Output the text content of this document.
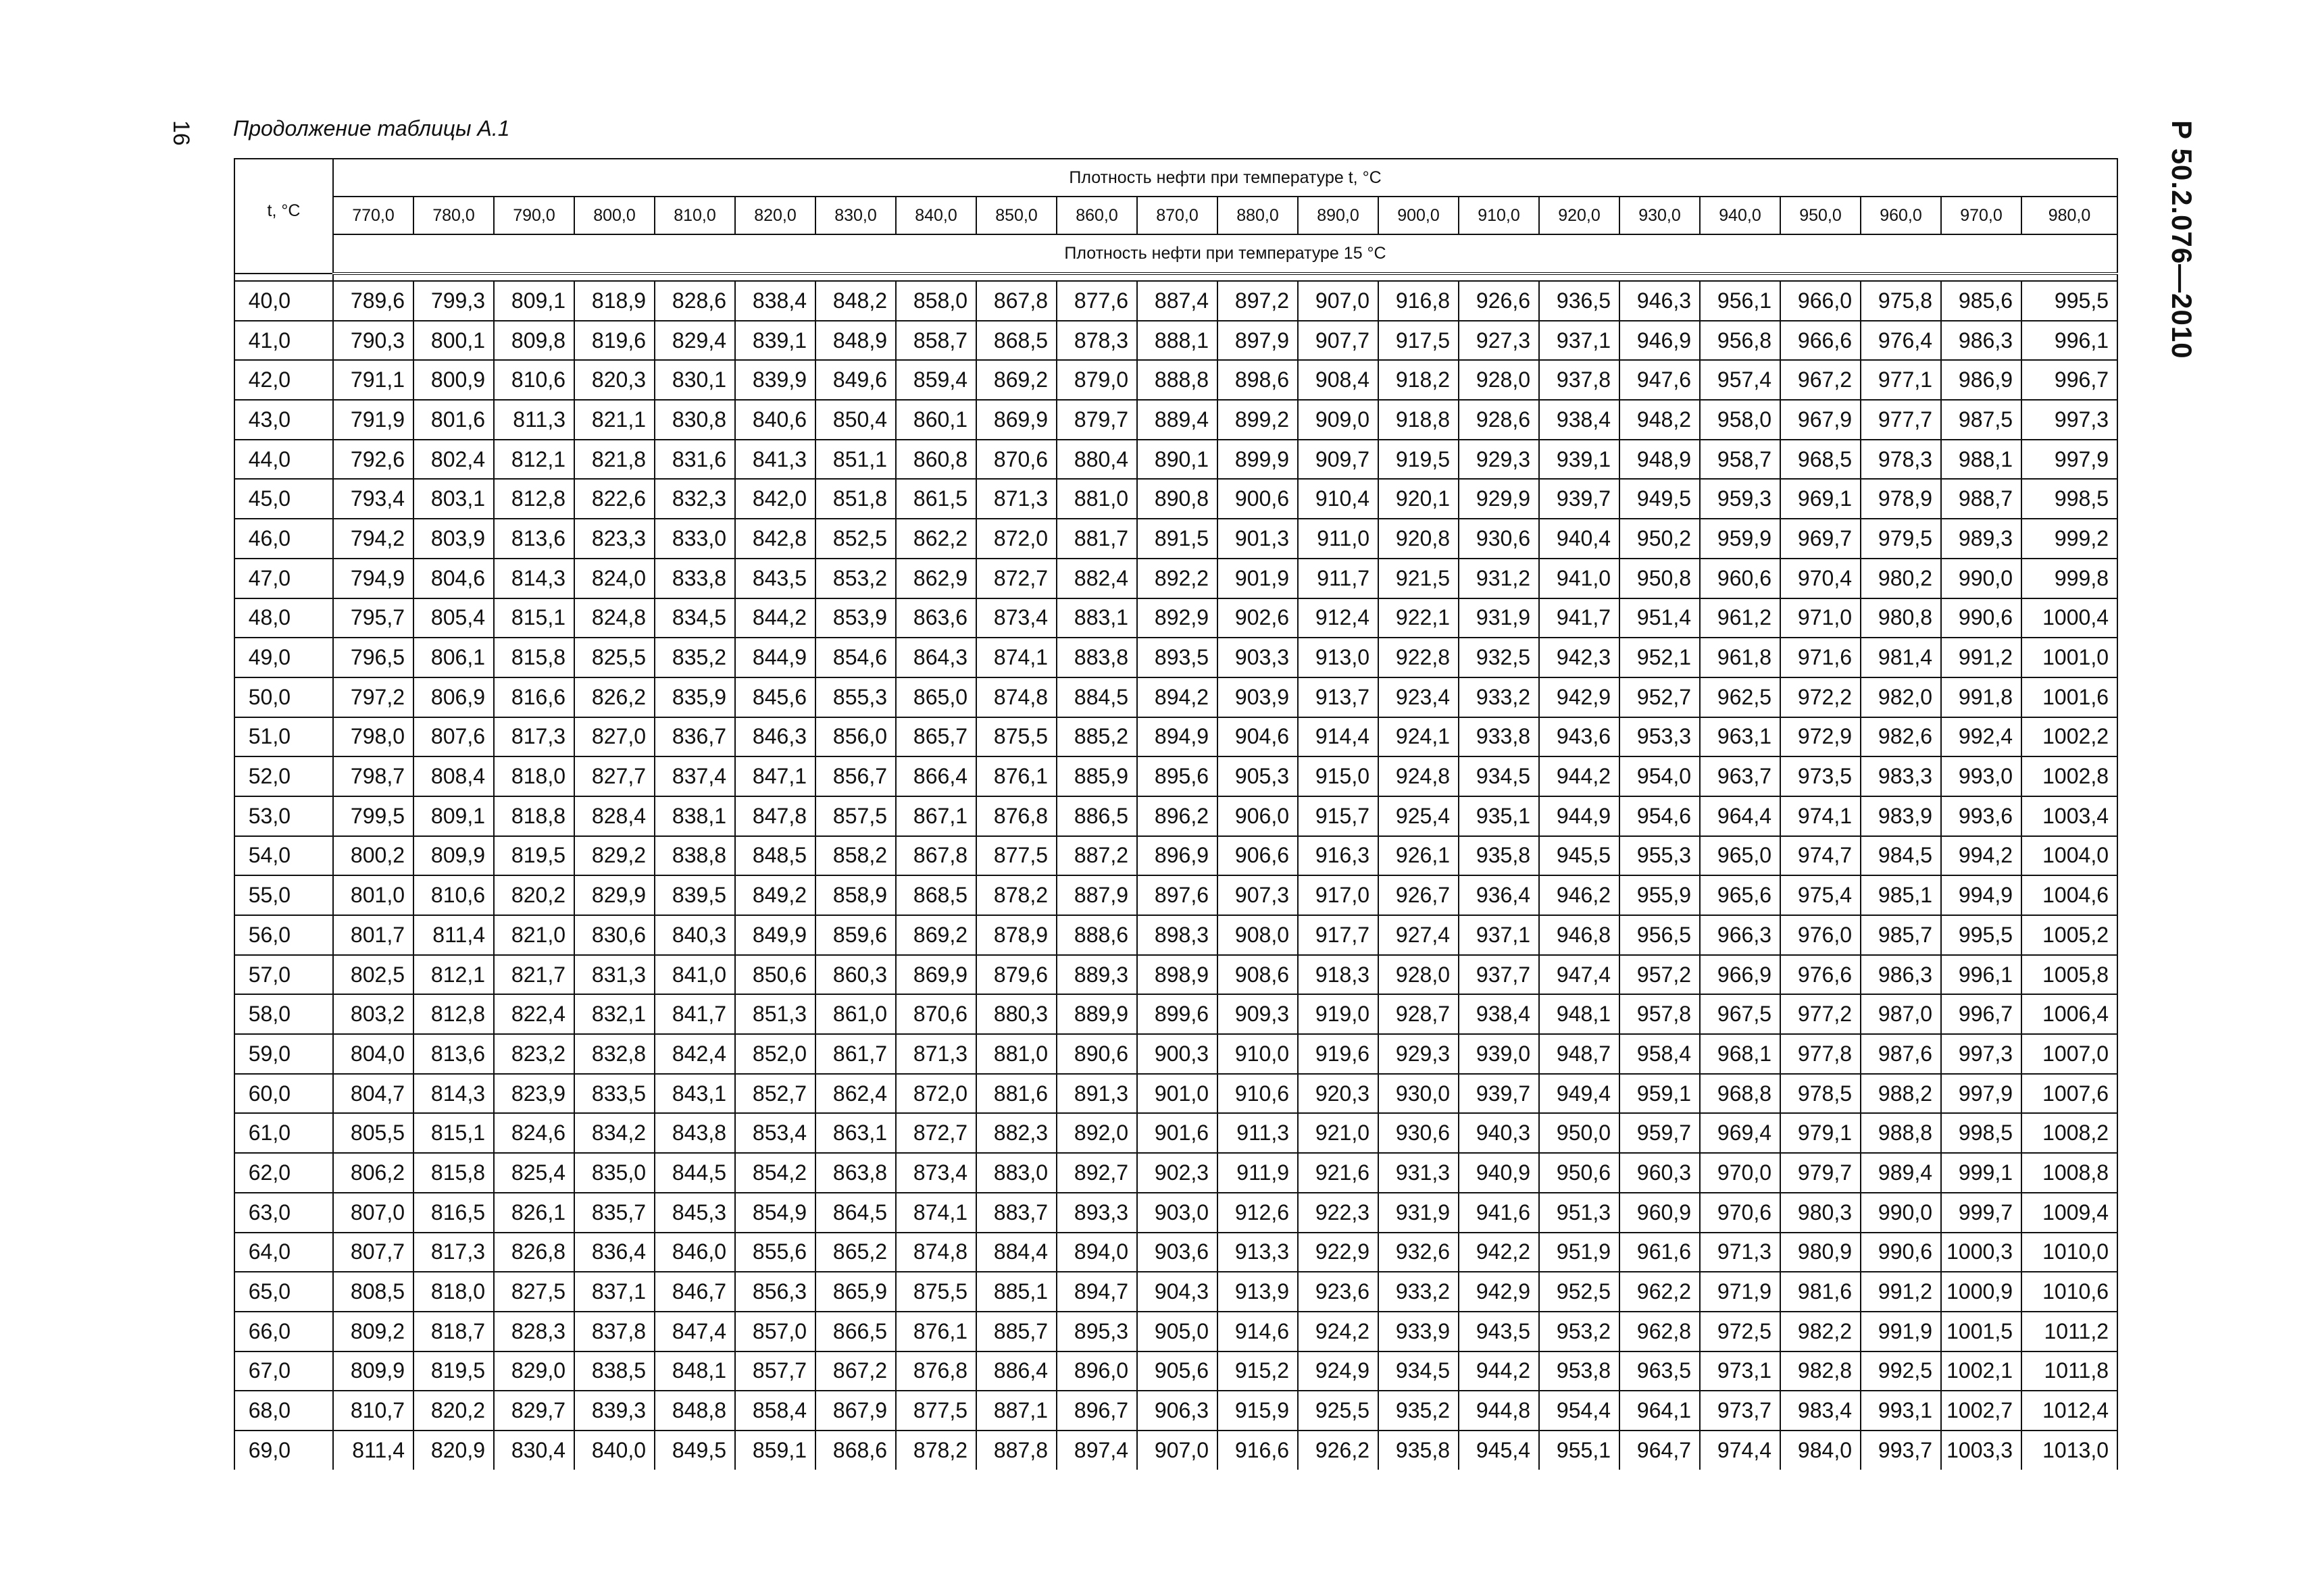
16 Продолжение таблицы А.1	Р 50.2.076—2010
t, °C	Плотность нефти при температуре t, °C																					
	770,0	780,0	790,0	800,0	810,0	820,0	830,0	840,0	850,0	860,0	870,0	880,0	890,0	900,0	910,0	920,0	930,0	940,0	950,0	960,0	970,0	980,0
	Плотность нефти при температуре 15 °C																					

40,0	789,6	799,3	809,1	818,9	828,6	838,4	848,2	858,0	867,8	877,6	887,4	897,2	907,0	916,8	926,6	936,5	946,3	956,1	966,0	975,8	985,6	995,5
41,0	790,3	800,1	809,8	819,6	829,4	839,1	848,9	858,7	868,5	878,3	888,1	897,9	907,7	917,5	927,3	937,1	946,9	956,8	966,6	976,4	986,3	996,1
42,0	791,1	800,9	810,6	820,3	830,1	839,9	849,6	859,4	869,2	879,0	888,8	898,6	908,4	918,2	928,0	937,8	947,6	957,4	967,2	977,1	986,9	996,7
43,0	791,9	801,6	811,3	821,1	830,8	840,6	850,4	860,1	869,9	879,7	889,4	899,2	909,0	918,8	928,6	938,4	948,2	958,0	967,9	977,7	987,5	997,3
44,0	792,6	802,4	812,1	821,8	831,6	841,3	851,1	860,8	870,6	880,4	890,1	899,9	909,7	919,5	929,3	939,1	948,9	958,7	968,5	978,3	988,1	997,9
45,0	793,4	803,1	812,8	822,6	832,3	842,0	851,8	861,5	871,3	881,0	890,8	900,6	910,4	920,1	929,9	939,7	949,5	959,3	969,1	978,9	988,7	998,5
46,0	794,2	803,9	813,6	823,3	833,0	842,8	852,5	862,2	872,0	881,7	891,5	901,3	911,0	920,8	930,6	940,4	950,2	959,9	969,7	979,5	989,3	999,2
47,0	794,9	804,6	814,3	824,0	833,8	843,5	853,2	862,9	872,7	882,4	892,2	901,9	911,7	921,5	931,2	941,0	950,8	960,6	970,4	980,2	990,0	999,8
48,0	795,7	805,4	815,1	824,8	834,5	844,2	853,9	863,6	873,4	883,1	892,9	902,6	912,4	922,1	931,9	941,7	951,4	961,2	971,0	980,8	990,6	1000,4
49,0	796,5	806,1	815,8	825,5	835,2	844,9	854,6	864,3	874,1	883,8	893,5	903,3	913,0	922,8	932,5	942,3	952,1	961,8	971,6	981,4	991,2	1001,0
50,0	797,2	806,9	816,6	826,2	835,9	845,6	855,3	865,0	874,8	884,5	894,2	903,9	913,7	923,4	933,2	942,9	952,7	962,5	972,2	982,0	991,8	1001,6
51,0	798,0	807,6	817,3	827,0	836,7	846,3	856,0	865,7	875,5	885,2	894,9	904,6	914,4	924,1	933,8	943,6	953,3	963,1	972,9	982,6	992,4	1002,2
52,0	798,7	808,4	818,0	827,7	837,4	847,1	856,7	866,4	876,1	885,9	895,6	905,3	915,0	924,8	934,5	944,2	954,0	963,7	973,5	983,3	993,0	1002,8
53,0	799,5	809,1	818,8	828,4	838,1	847,8	857,5	867,1	876,8	886,5	896,2	906,0	915,7	925,4	935,1	944,9	954,6	964,4	974,1	983,9	993,6	1003,4
54,0	800,2	809,9	819,5	829,2	838,8	848,5	858,2	867,8	877,5	887,2	896,9	906,6	916,3	926,1	935,8	945,5	955,3	965,0	974,7	984,5	994,2	1004,0
55,0	801,0	810,6	820,2	829,9	839,5	849,2	858,9	868,5	878,2	887,9	897,6	907,3	917,0	926,7	936,4	946,2	955,9	965,6	975,4	985,1	994,9	1004,6
56,0	801,7	811,4	821,0	830,6	840,3	849,9	859,6	869,2	878,9	888,6	898,3	908,0	917,7	927,4	937,1	946,8	956,5	966,3	976,0	985,7	995,5	1005,2
57,0	802,5	812,1	821,7	831,3	841,0	850,6	860,3	869,9	879,6	889,3	898,9	908,6	918,3	928,0	937,7	947,4	957,2	966,9	976,6	986,3	996,1	1005,8
58,0	803,2	812,8	822,4	832,1	841,7	851,3	861,0	870,6	880,3	889,9	899,6	909,3	919,0	928,7	938,4	948,1	957,8	967,5	977,2	987,0	996,7	1006,4
59,0	804,0	813,6	823,2	832,8	842,4	852,0	861,7	871,3	881,0	890,6	900,3	910,0	919,6	929,3	939,0	948,7	958,4	968,1	977,8	987,6	997,3	1007,0
60,0	804,7	814,3	823,9	833,5	843,1	852,7	862,4	872,0	881,6	891,3	901,0	910,6	920,3	930,0	939,7	949,4	959,1	968,8	978,5	988,2	997,9	1007,6
61,0	805,5	815,1	824,6	834,2	843,8	853,4	863,1	872,7	882,3	892,0	901,6	911,3	921,0	930,6	940,3	950,0	959,7	969,4	979,1	988,8	998,5	1008,2
62,0	806,2	815,8	825,4	835,0	844,5	854,2	863,8	873,4	883,0	892,7	902,3	911,9	921,6	931,3	940,9	950,6	960,3	970,0	979,7	989,4	999,1	1008,8
63,0	807,0	816,5	826,1	835,7	845,3	854,9	864,5	874,1	883,7	893,3	903,0	912,6	922,3	931,9	941,6	951,3	960,9	970,6	980,3	990,0	999,7	1009,4
64,0	807,7	817,3	826,8	836,4	846,0	855,6	865,2	874,8	884,4	894,0	903,6	913,3	922,9	932,6	942,2	951,9	961,6	971,3	980,9	990,6	1000,3	1010,0
65,0	808,5	818,0	827,5	837,1	846,7	856,3	865,9	875,5	885,1	894,7	904,3	913,9	923,6	933,2	942,9	952,5	962,2	971,9	981,6	991,2	1000,9	1010,6
66,0	809,2	818,7	828,3	837,8	847,4	857,0	866,5	876,1	885,7	895,3	905,0	914,6	924,2	933,9	943,5	953,2	962,8	972,5	982,2	991,9	1001,5	1011,2
67,0	809,9	819,5	829,0	838,5	848,1	857,7	867,2	876,8	886,4	896,0	905,6	915,2	924,9	934,5	944,2	953,8	963,5	973,1	982,8	992,5	1002,1	1011,8
68,0	810,7	820,2	829,7	839,3	848,8	858,4	867,9	877,5	887,1	896,7	906,3	915,9	925,5	935,2	944,8	954,4	964,1	973,7	983,4	993,1	1002,7	1012,4
69,0	811,4	820,9	830,4	840,0	849,5	859,1	868,6	878,2	887,8	897,4	907,0	916,6	926,2	935,8	945,4	955,1	964,7	974,4	984,0	993,7	1003,3	1013,0
